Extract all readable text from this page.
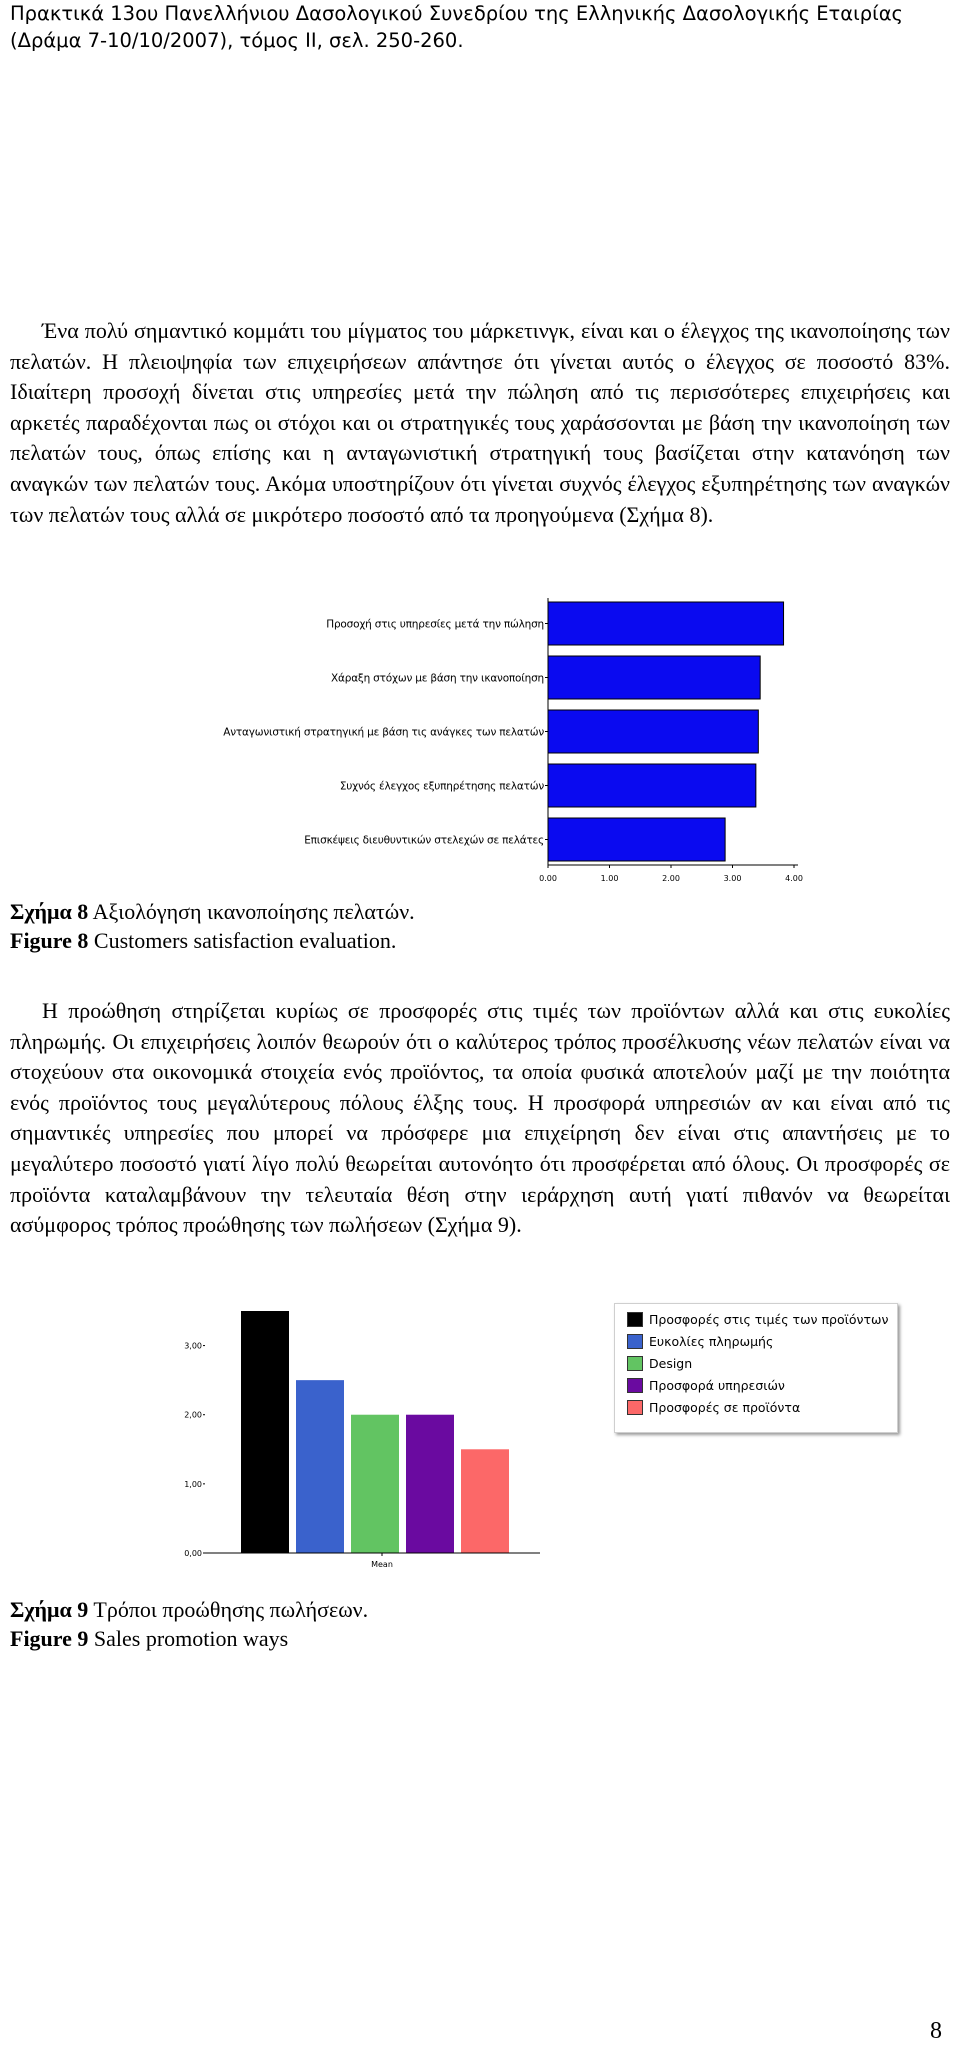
Πρακτικά 13ου Πανελλήνιου Δασολογικού Συνεδρίου της Ελληνικής Δασολογικής Εταιρίας
(Δράμα 7-10/10/2007), τόμος ΙΙ, σελ. 250-260.

Ένα πολύ σημαντικό κομμάτι του μίγματος του μάρκετινγκ, είναι και ο έλεγχος της ικανοποίησης των πελατών. Η πλειοψηφία των επιχειρήσεων απάντησε ότι γίνεται αυτός ο έλεγχος σε ποσοστό 83%. Ιδιαίτερη προσοχή δίνεται στις υπηρεσίες μετά την πώληση από τις περισσότερες επιχειρήσεις και αρκετές παραδέχονται πως οι στόχοι και οι στρατηγικές τους χαράσσονται με βάση την ικανοποίηση των πελατών τους, όπως επίσης και η ανταγωνιστική στρατηγική τους βασίζεται στην κατανόηση των αναγκών των πελατών τους. Ακόμα υποστηρίζουν ότι γίνεται συχνός έλεγχος εξυπηρέτησης των αναγκών των πελατών τους αλλά σε μικρότερο ποσοστό από τα προηγούμενα (Σχήμα 8).

Προσοχή στις υπηρεσίες μετά την πώληση
Χάραξη στόχων με βάση την ικανοποίηση
Ανταγωνιστική στρατηγική με βάση τις ανάγκες των πελατών
Συχνός έλεγχος εξυπηρέτησης πελατών
Επισκέψεις διευθυντικών στελεχών σε πελάτες
0.00	1.00	2.00	3.00	4.00
Σχήμα 8 Αξιολόγηση ικανοποίησης πελατών.
Figure 8 Customers satisfaction evaluation.

Η προώθηση στηρίζεται κυρίως σε προσφορές στις τιμές των προϊόντων αλλά και στις ευκολίες πληρωμής. Οι επιχειρήσεις λοιπόν θεωρούν ότι ο καλύτερος τρόπος προσέλκυσης νέων πελατών είναι να στοχεύουν στα οικονομικά στοιχεία ενός προϊόντος, τα οποία φυσικά αποτελούν μαζί με την ποιότητα ενός προϊόντος τους μεγαλύτερους πόλους έλξης τους. Η προσφορά υπηρεσιών αν και είναι από τις σημαντικές υπηρεσίες που μπορεί να πρόσφερε μια επιχείρηση δεν είναι στις απαντήσεις με το μεγαλύτερο ποσοστό γιατί λίγο πολύ θεωρείται αυτονόητο ότι προσφέρεται από όλους. Οι προσφορές σε προϊόντα καταλαμβάνουν την τελευταία θέση στην ιεράρχηση αυτή γιατί πιθανόν να θεωρείται ασύμφορος τρόπος προώθησης των πωλήσεων (Σχήμα 9).

0,00
1,00
2,00
3,00
Mean
Προσφορές στις τιμές των προϊόντων
Ευκολίες πληρωμής
Design
Προσφορά υπηρεσιών
Προσφορές σε προϊόντα
Σχήμα 9 Τρόποι προώθησης πωλήσεων.
Figure 9 Sales promotion ways
8
